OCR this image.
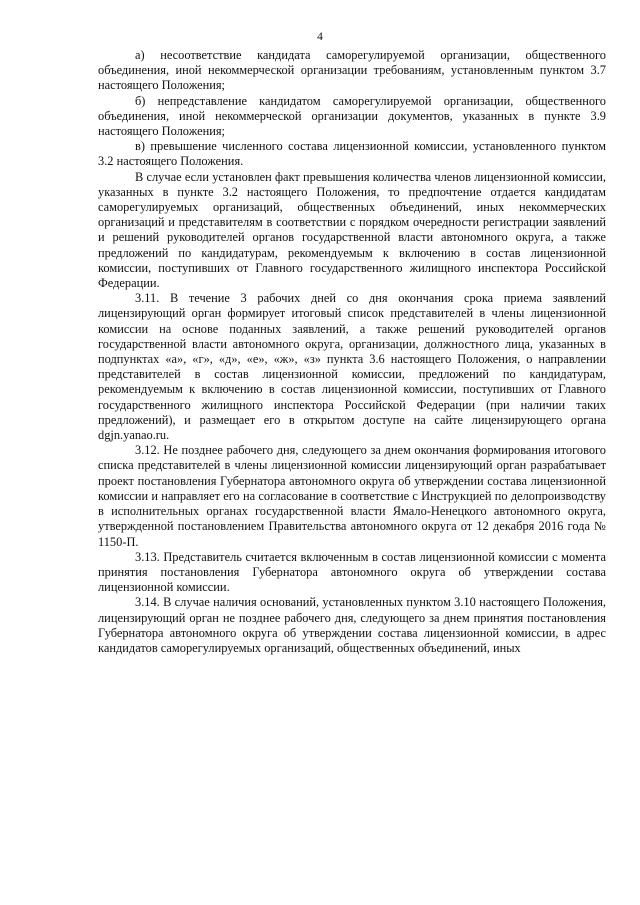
4

а) несоответствие кандидата саморегулируемой организации, общественного объединения, иной некоммерческой организации требованиям, установленным пунктом 3.7 настоящего Положения;

б) непредставление кандидатом саморегулируемой организации, общественного объединения, иной некоммерческой организации документов, указанных в пункте 3.9 настоящего Положения;

в) превышение численного состава лицензионной комиссии, установленного пунктом 3.2 настоящего Положения.

В случае если установлен факт превышения количества членов лицензионной комиссии, указанных в пункте 3.2 настоящего Положения, то предпочтение отдается кандидатам саморегулируемых организаций, общественных объединений, иных некоммерческих организаций и представителям в соответствии с порядком очередности регистрации заявлений и решений руководителей органов государственной власти автономного округа, а также предложений по кандидатурам, рекомендуемым к включению в состав лицензионной комиссии, поступивших от Главного государственного жилищного инспектора Российской Федерации.

3.11. В течение 3 рабочих дней со дня окончания срока приема заявлений лицензирующий орган формирует итоговый список представителей в члены лицензионной комиссии на основе поданных заявлений, а также решений руководителей органов государственной власти автономного округа, организации, должностного лица, указанных в подпунктах «а», «г», «д», «е», «ж», «з» пункта 3.6 настоящего Положения, о направлении представителей в состав лицензионной комиссии, предложений по кандидатурам, рекомендуемым к включению в состав лицензионной комиссии, поступивших от Главного государственного жилищного инспектора Российской Федерации (при наличии таких предложений), и размещает его в открытом доступе на сайте лицензирующего органа dgjn.yanao.ru.

3.12. Не позднее рабочего дня, следующего за днем окончания формирования итогового списка представителей в члены лицензионной комиссии лицензирующий орган разрабатывает проект постановления Губернатора автономного округа об утверждении состава лицензионной комиссии и направляет его на согласование в соответствие с Инструкцией по делопроизводству в исполнительных органах государственной власти Ямало-Ненецкого автономного округа, утвержденной постановлением Правительства автономного округа от 12 декабря 2016 года № 1150-П.

3.13. Представитель считается включенным в состав лицензионной комиссии с момента принятия постановления Губернатора автономного округа об утверждении состава лицензионной комиссии.

3.14. В случае наличия оснований, установленных пунктом 3.10 настоящего Положения, лицензирующий орган не позднее рабочего дня, следующего за днем принятия постановления Губернатора автономного округа об утверждении состава лицензионной комиссии, в адрес кандидатов саморегулируемых организаций, общественных объединений, иных
